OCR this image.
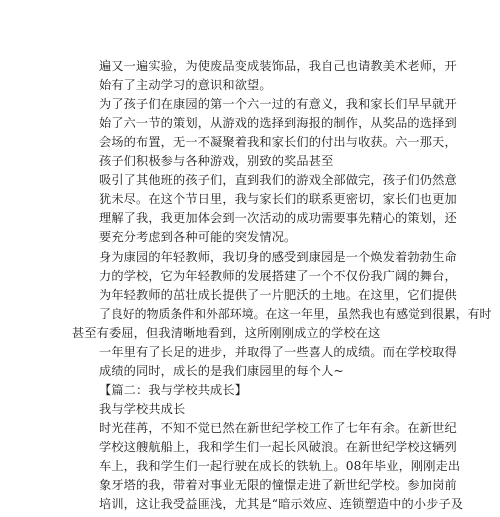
遍又一遍实验，为使废品变成装饰品，我自己也请教美术老师，开
始有了主动学习的意识和欲望。
为了孩子们在康园的第一个六一过的有意义，我和家长们早早就开
始了六一节的策划，从游戏的选择到海报的制作，从奖品的选择到
会场的布置，无一不凝聚着我和家长们的付出与收获。六一那天，
孩子们积极参与各种游戏，别致的奖品甚至
吸引了其他班的孩子们，直到我们的游戏全部做完，孩子们仍然意
犹未尽。在这个节日里，我与家长们的联系更密切，家长们也更加
理解了我，我更加体会到一次活动的成功需要事先精心的策划，还
要充分考虑到各种可能的突发情况。
身为康园的年轻教师，我切身的感受到康园是一个焕发着勃勃生命
力的学校，它为年轻教师的发展搭建了一个不仅份我广阔的舞台，
为年轻教师的茁壮成长提供了一片肥沃的土地。在这里，它们提供
了良好的物质条件和外部环境。在这一年里，虽然我也有感觉到很累，有时
甚至有委屈，但我清晰地看到，这所刚刚成立的学校在这
一年里有了长足的进步，并取得了一些喜人的成绩。而在学校取得
成绩的同时，成长的是我们康园里的每个人~
【篇二：我与学校共成长】
我与学校共成长
时光荏苒，不知不觉已然在新世纪学校工作了七年有余。在新世纪
学校这艘航船上，我和学生们一起长风破浪。在新世纪学校这辆列
车上，我和学生们一起行驶在成长的铁轨上。08年毕业，刚刚走出
象牙塔的我，带着对事业无限的憧憬走进了新世纪学校。参加岗前
培训，这让我受益匪浅，尤其是“暗示效应、连锁塑造中的小步子及
